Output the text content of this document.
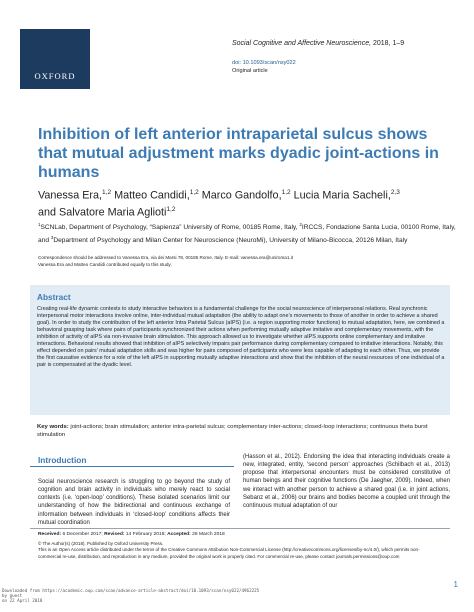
OXFORD
Social Cognitive and Affective Neuroscience, 2018, 1–9
doi: 10.1093/scan/nsy022
Original article
Inhibition of left anterior intraparietal sulcus shows that mutual adjustment marks dyadic joint-actions in humans
Vanessa Era,$^{1,2}$ Matteo Candidi,$^{1,2}$ Marco Gandolfo,$^{1,2}$ Lucia Maria Sacheli,$^{2,3}$
and Salvatore Maria Aglioti$^{1,2}$
$^1$SCNLab, Department of Psychology, “Sapienza” University of Rome, 00185 Rome, Italy, $^2$IRCCS, Fondazione Santa Lucia, 00100 Rome, Italy, and $^3$Department of Psychology and Milan Center for Neuroscience (NeuroMi), University of Milano-Bicocca, 20126 Milan, Italy
Correspondence should be addressed to Vanessa Era, via dei Marsi 78, 00185 Rome, Italy. E-mail: vanessa.era@uniroma1.it
Vanessa Era and Matteo Candidi contributed equally to this study.
Abstract

Creating real-life dynamic contexts to study interactive behaviors is a fundamental challenge for the social neuroscience of interpersonal relations. Real synchronic interpersonal motor interactions involve online, inter-individual mutual adaptation (the ability to adapt one’s movements to those of another in order to achieve a shared goal). In order to study the contribution of the left anterior Intra Parietal Sulcus (aIPS) (i.e. a region supporting motor functions) to mutual adaptation, here, we combined a behavioral grasping task where pairs of participants synchronized their actions when performing mutually adaptive imitative and complementary movements, with the inhibition of activity of aIPS via non-invasive brain stimulation. This approach allowed us to investigate whether aIPS supports online complementary and imitative interactions. Behavioral results showed that inhibition of aIPS selectively impairs pair performance during complementary compared to imitative interactions. Notably, this effect depended on pairs’ mutual adaptation skills and was higher for pairs composed of participants who were less capable of adapting to each other. Thus, we provide the first causative evidence for a role of the left aIPS in supporting mutually adaptive interactions and show that the inhibition of the neural resources of one individual of a pair is compensated at the dyadic level.

Key words: joint-actions; brain stimulation; anterior intra-parietal sulcus; complementary inter-actions; closed-loop interactions; continuous theta burst stimulation
Introduction

Social neuroscience research is struggling to go beyond the study of cognition and brain activity in individuals who merely react to social contexts (i.e. ‘open-loop’ conditions). These isolated scenarios limit our understanding of how the bidirectional and continuous exchange of information between individuals in ‘closed-loop’ conditions affects their mutual coordination

(Hasson et al., 2012). Endorsing the idea that interacting individuals create a new, integrated, entity, ‘second person’ approaches (Schilbach et al., 2013) propose that interpersonal encounters must be considered constitutive of human beings and their cognitive functions (De Jaegher, 2009). Indeed, when we interact with another person to achieve a shared goal (i.e. in joint actions, Sebanz et al., 2006) our brains and bodies become a coupled unit through the continuous mutual adaptation of our

Received: 6 December 2017; Revised: 14 February 2018; Accepted: 28 March 2018
© The Author(s) (2018). Published by Oxford University Press.
This is an Open Access article distributed under the terms of the Creative Commons Attribution Non-Commercial License (http://creativecommons.org/licenses/by-nc/4.0/), which permits non-commercial re-use, distribution, and reproduction in any medium, provided the original work is properly cited. For commercial re-use, please contact journals.permissions@oup.com
Downloaded from https://academic.oup.com/scan/advance-article-abstract/doi/10.1093/scan/nsy022/4962225
by guest
on 22 April 2018
1
